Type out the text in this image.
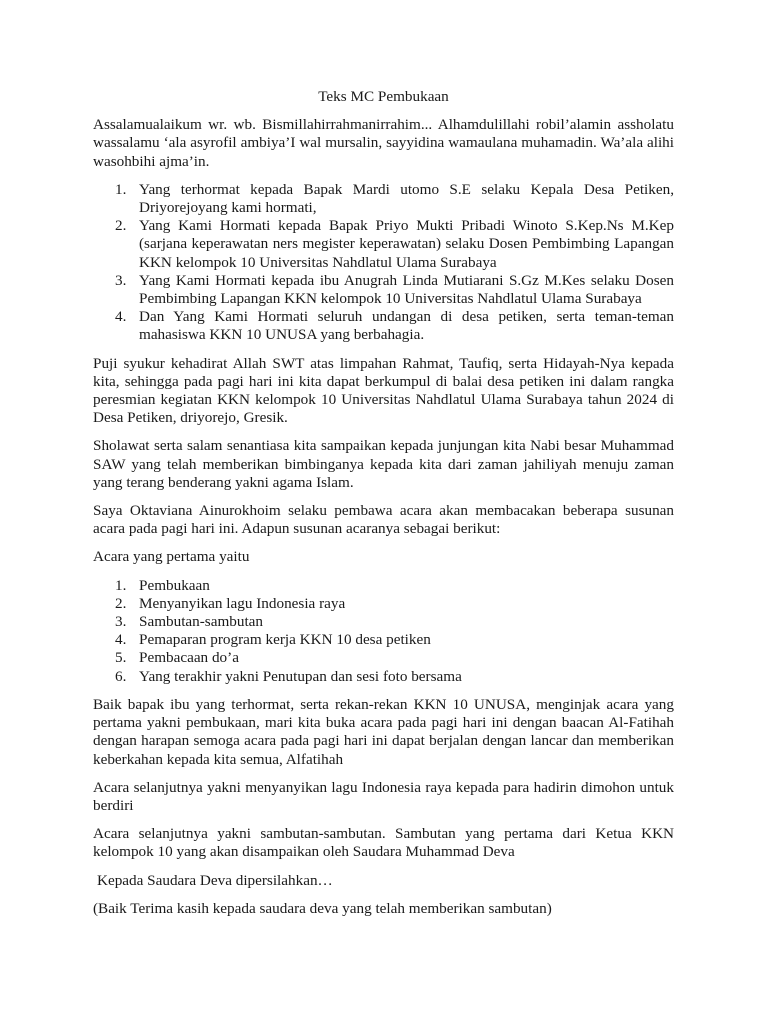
Teks MC Pembukaan

Assalamualaikum wr. wb. Bismillahirrahmanirrahim... Alhamdulillahi robil’alamin assholatu wassalamu ‘ala asyrofil ambiya’I wal mursalin, sayyidina wamaulana muhamadin. Wa’ala alihi wasohbihi ajma’in.

1. Yang terhormat kepada Bapak Mardi utomo S.E selaku Kepala Desa Petiken, Driyorejoyang kami hormati,
2. Yang Kami Hormati kepada Bapak Priyo Mukti Pribadi Winoto S.Kep.Ns M.Kep (sarjana keperawatan ners megister keperawatan) selaku Dosen Pembimbing Lapangan KKN kelompok 10 Universitas Nahdlatul Ulama Surabaya
3. Yang Kami Hormati kepada ibu Anugrah Linda Mutiarani S.Gz M.Kes selaku Dosen Pembimbing Lapangan KKN kelompok 10 Universitas Nahdlatul Ulama Surabaya
4. Dan Yang Kami Hormati seluruh undangan di desa petiken, serta teman-teman mahasiswa KKN 10 UNUSA yang berbahagia.

Puji syukur kehadirat Allah SWT atas limpahan Rahmat, Taufiq, serta Hidayah-Nya kepada kita, sehingga pada pagi hari ini kita dapat berkumpul di balai desa petiken ini dalam rangka peresmian kegiatan KKN kelompok 10 Universitas Nahdlatul Ulama Surabaya tahun 2024 di Desa Petiken, driyorejo, Gresik.

Sholawat serta salam senantiasa kita sampaikan kepada junjungan kita Nabi besar Muhammad SAW yang telah memberikan bimbinganya kepada kita dari zaman jahiliyah menuju zaman yang terang benderang yakni agama Islam.

Saya Oktaviana Ainurokhoim selaku pembawa acara akan membacakan beberapa susunan acara pada pagi hari ini. Adapun susunan acaranya sebagai berikut:

Acara yang pertama yaitu

1. Pembukaan
2. Menyanyikan lagu Indonesia raya
3. Sambutan-sambutan
4. Pemaparan program kerja KKN 10 desa petiken
5. Pembacaan do’a
6. Yang terakhir yakni Penutupan dan sesi foto bersama

Baik bapak ibu yang terhormat, serta rekan-rekan KKN 10 UNUSA, menginjak acara yang pertama yakni pembukaan, mari kita buka acara pada pagi hari ini dengan baacan Al-Fatihah dengan harapan semoga acara pada pagi hari ini dapat berjalan dengan lancar dan memberikan keberkahan kepada kita semua, Alfatihah

Acara selanjutnya yakni menyanyikan lagu Indonesia raya kepada para hadirin dimohon untuk berdiri

Acara selanjutnya yakni sambutan-sambutan. Sambutan yang pertama dari Ketua KKN kelompok 10 yang akan disampaikan oleh Saudara Muhammad Deva

Kepada Saudara Deva dipersilahkan…

(Baik Terima kasih kepada saudara deva yang telah memberikan sambutan)
